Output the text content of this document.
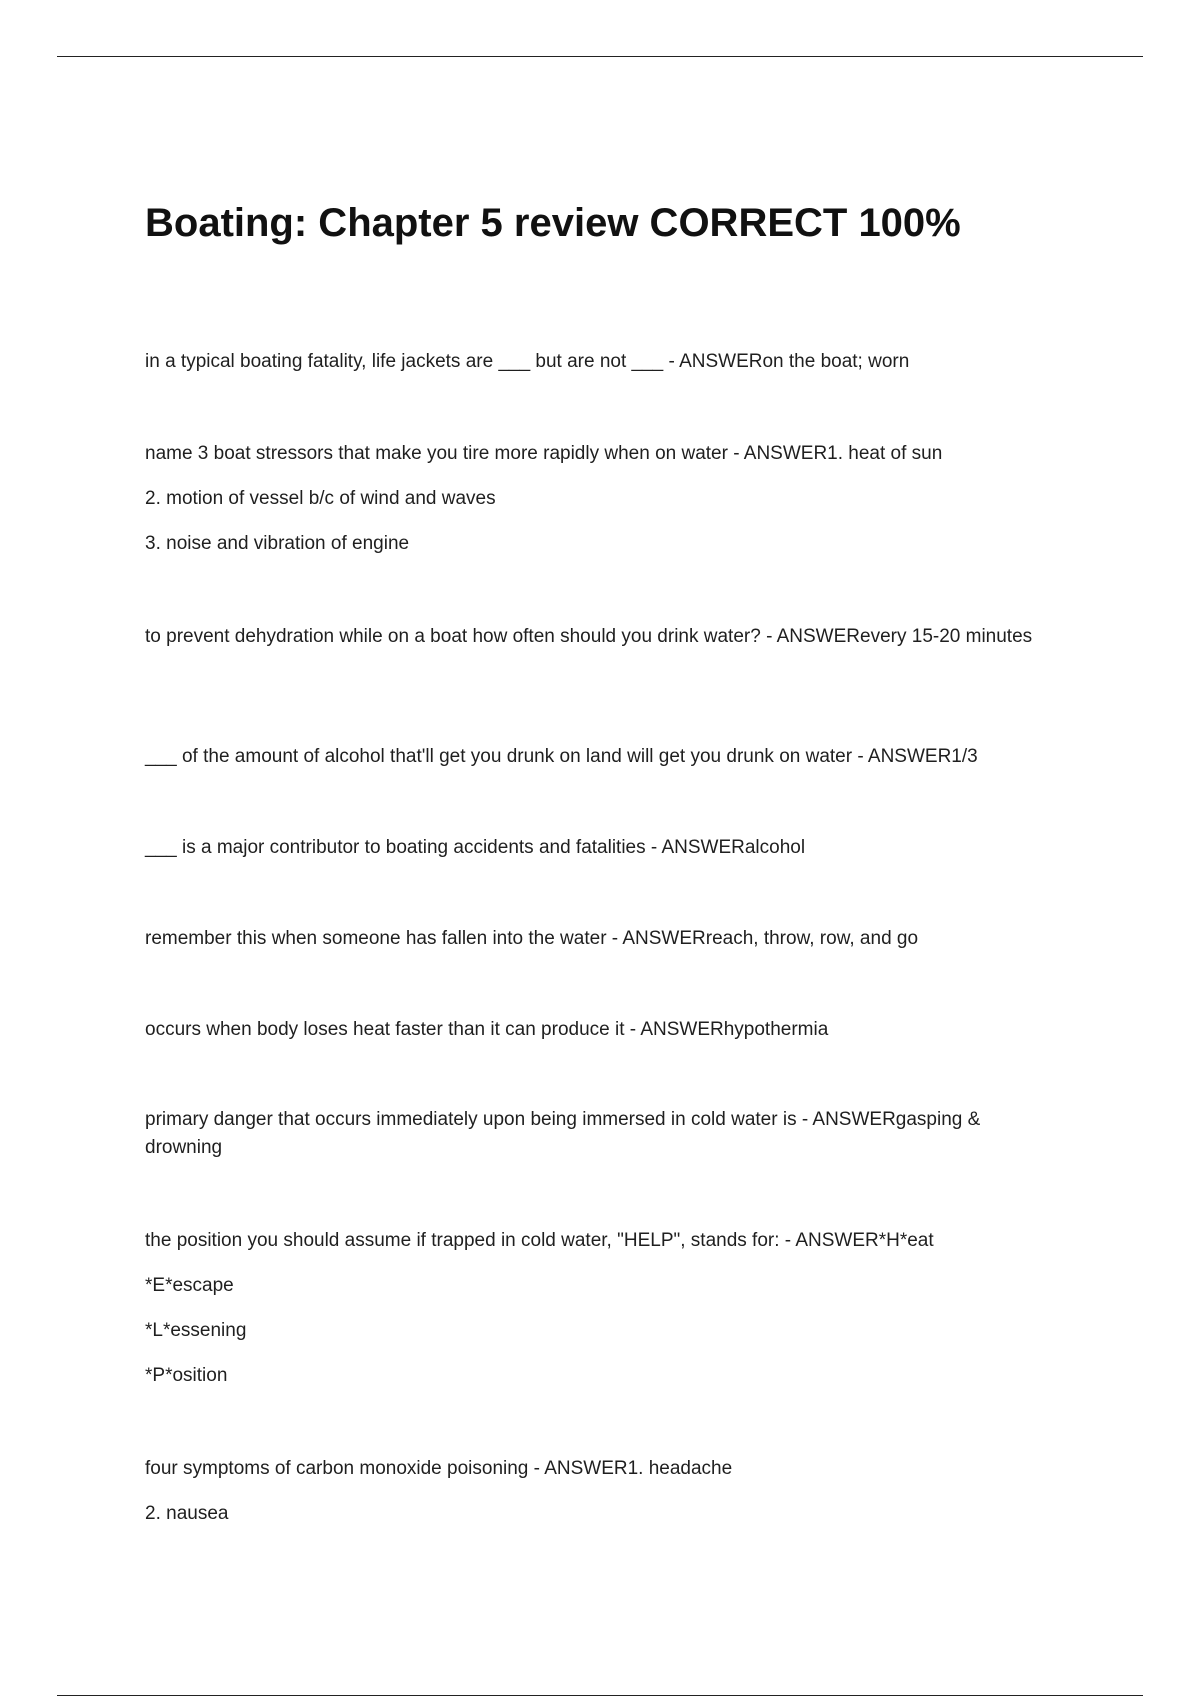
Boating: Chapter 5 review CORRECT 100%

in a typical boating fatality, life jackets are ___ but are not ___ - ANSWERon the boat; worn

name 3 boat stressors that make you tire more rapidly when on water - ANSWER1. heat of sun

2. motion of vessel b/c of wind and waves

3. noise and vibration of engine

to prevent dehydration while on a boat how often should you drink water? - ANSWERevery 15-20 minutes

___ of the amount of alcohol that'll get you drunk on land will get you drunk on water - ANSWER1/3

___ is a major contributor to boating accidents and fatalities - ANSWERalcohol

remember this when someone has fallen into the water - ANSWERreach, throw, row, and go

occurs when body loses heat faster than it can produce it - ANSWERhypothermia

primary danger that occurs immediately upon being immersed in cold water is - ANSWERgasping & drowning

the position you should assume if trapped in cold water, "HELP", stands for: - ANSWER*H*eat

*E*escape

*L*essening

*P*osition

four symptoms of carbon monoxide poisoning - ANSWER1. headache

2. nausea
